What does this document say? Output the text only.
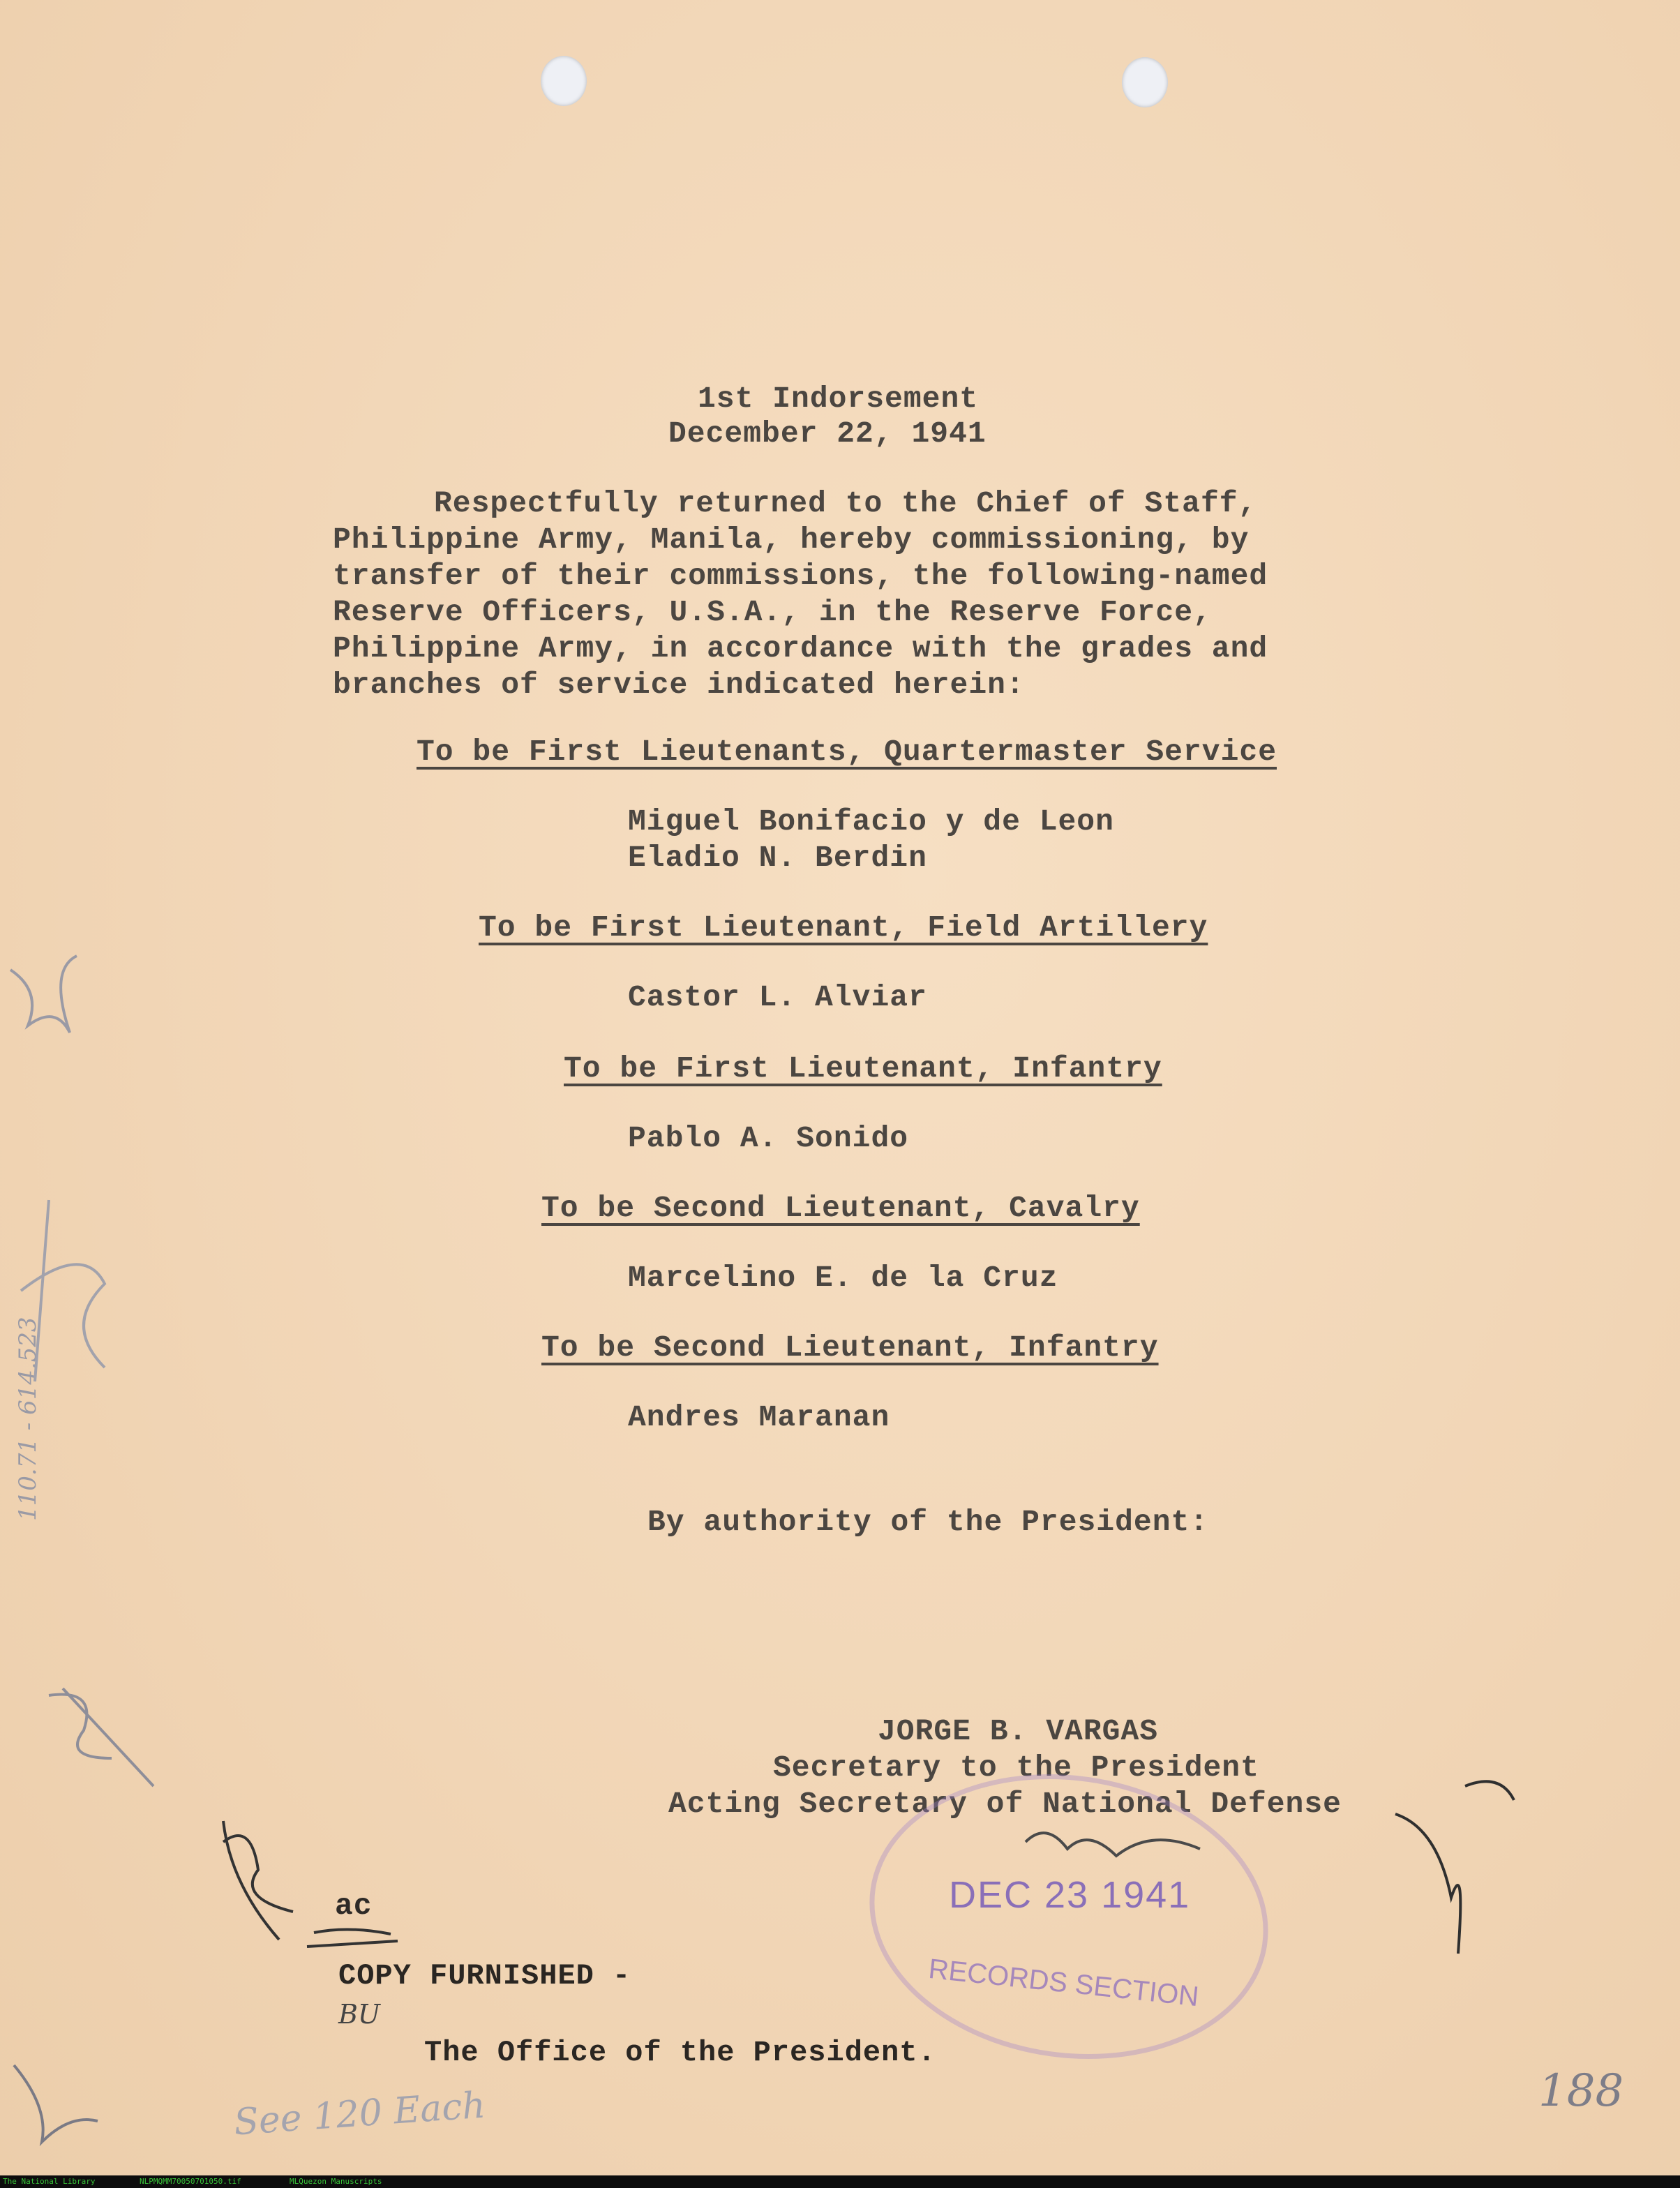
1st Indorsement
December 22, 1941
Respectfully returned to the Chief of Staff,
Philippine Army, Manila, hereby commissioning, by
transfer of their commissions, the following-named
Reserve Officers, U.S.A., in the Reserve Force,
Philippine Army, in accordance with the grades and
branches of service indicated herein:
To be First Lieutenants, Quartermaster Service
Miguel Bonifacio y de Leon
Eladio N. Berdin
To be First Lieutenant, Field Artillery
Castor L. Alviar
To be First Lieutenant, Infantry
Pablo A. Sonido
To be Second Lieutenant, Cavalry
Marcelino E. de la Cruz
To be Second Lieutenant, Infantry
Andres Maranan
By authority of the President:
JORGE B. VARGAS
Secretary to the President
Acting Secretary of National Defense
ac
COPY FURNISHED -
The Office of the President.
188
See 120 Each
110.71 - 614.523
BU
DEC 23 1941
RECORDS SECTION
The National Library	NLPMQMM70050701050.tif	MLQuezon Manuscripts
